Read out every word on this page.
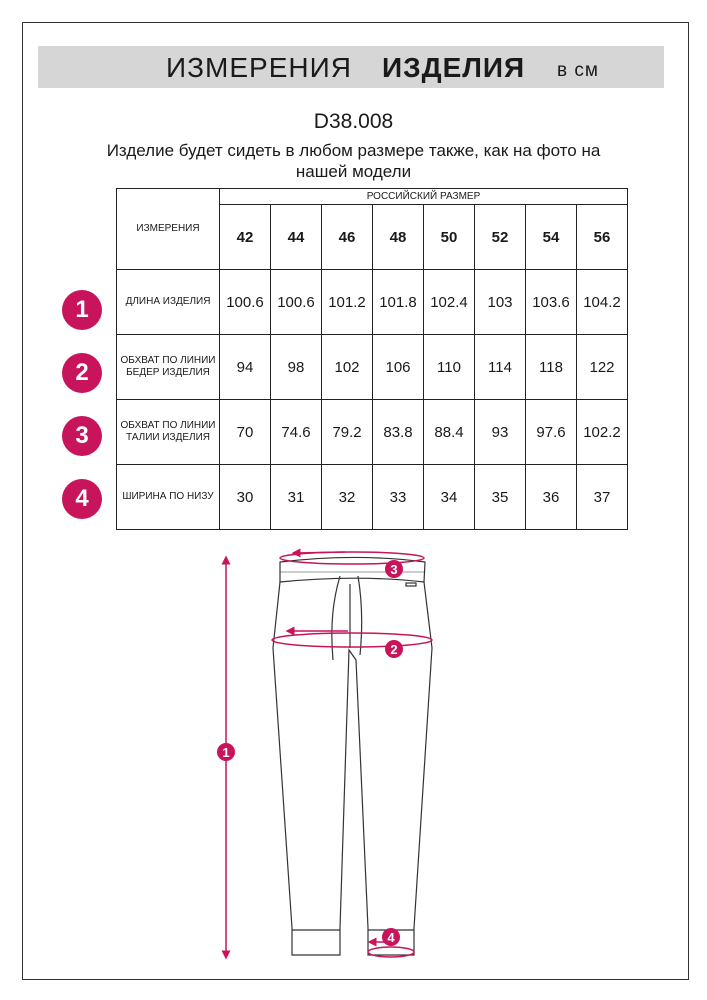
ИЗМЕРЕНИЯ ИЗДЕЛИЯ в см
D38.008
Изделие будет сидеть в любом размере также, как на фото на нашей модели
ИЗМЕРЕНИЯ	РОССИЙСКИЙ РАЗМЕР							
	42	44	46	48	50	52	54	56
ДЛИНА ИЗДЕЛИЯ	100.6	100.6	101.2	101.8	102.4	103	103.6	104.2
ОБХВАТ ПО ЛИНИИ БЕДЕР ИЗДЕЛИЯ	94	98	102	106	110	114	118	122
ОБХВАТ ПО ЛИНИИ ТАЛИИ ИЗДЕЛИЯ	70	74.6	79.2	83.8	88.4	93	97.6	102.2
ШИРИНА ПО НИЗУ	30	31	32	33	34	35	36	37
1
2
3
4
1
2
3
4
